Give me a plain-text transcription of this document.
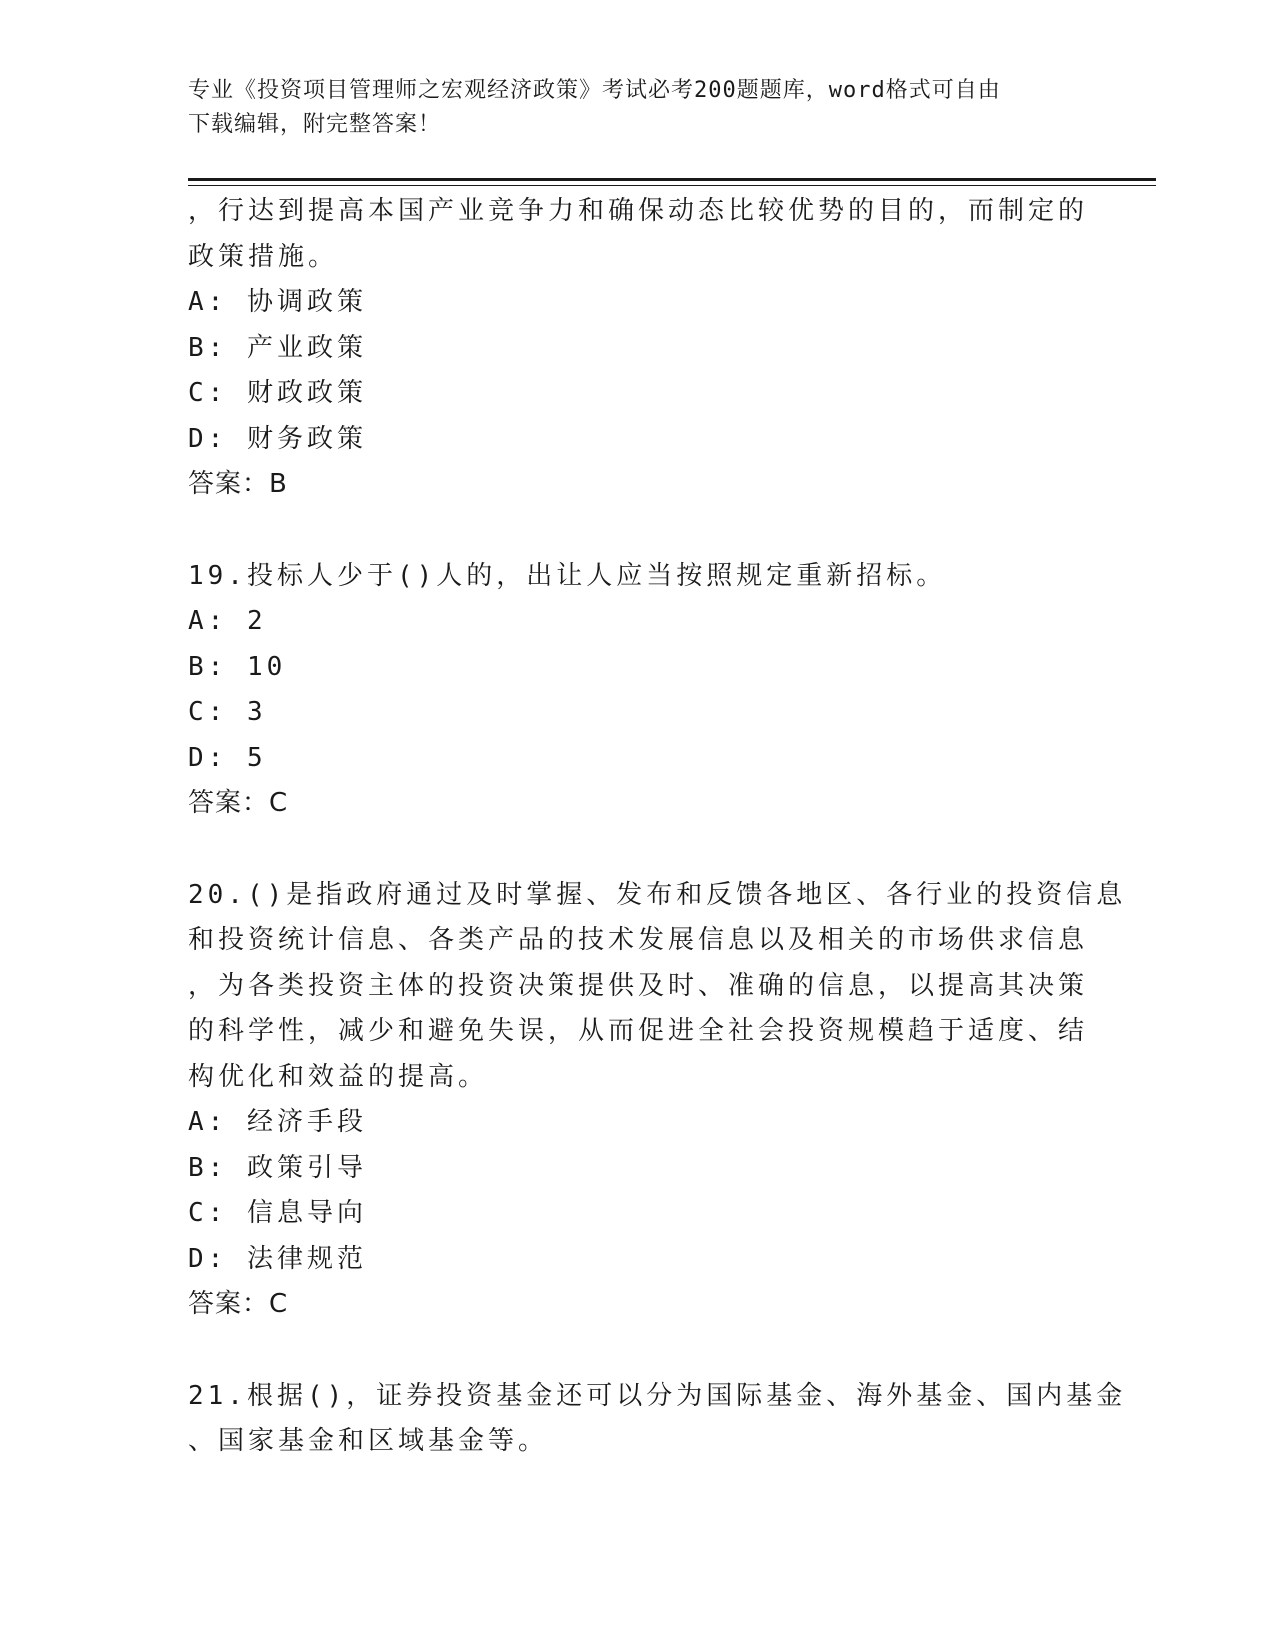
专业《投资项目管理师之宏观经济政策》考试必考200题题库，word格式可自由
下载编辑，附完整答案！
，行达到提高本国产业竞争力和确保动态比较优势的目的，而制定的
政策措施。
A: 协调政策
B: 产业政策
C: 财政政策
D: 财务政策
答案：B
19.投标人少于()人的，出让人应当按照规定重新招标。
A: 2
B: 10
C: 3
D: 5
答案：C
20.()是指政府通过及时掌握、发布和反馈各地区、各行业的投资信息
和投资统计信息、各类产品的技术发展信息以及相关的市场供求信息
，为各类投资主体的投资决策提供及时、准确的信息，以提高其决策
的科学性，减少和避免失误，从而促进全社会投资规模趋于适度、结
构优化和效益的提高。
A: 经济手段
B: 政策引导
C: 信息导向
D: 法律规范
答案：C
21.根据()，证券投资基金还可以分为国际基金、海外基金、国内基金
、国家基金和区域基金等。
